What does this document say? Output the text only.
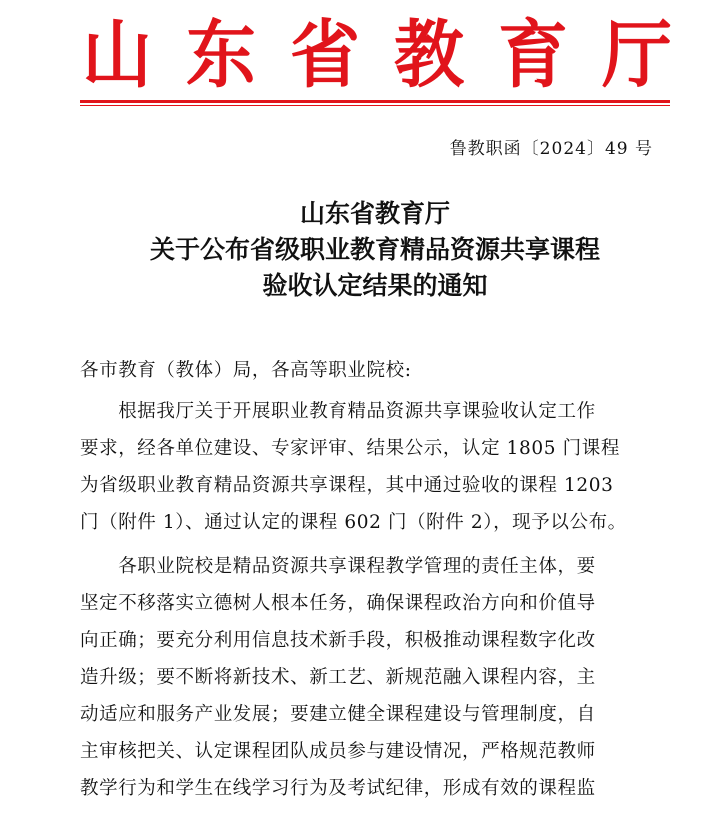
山 东 省 教 育 厅
鲁教职函〔2024〕49 号
山东省教育厅
关于公布省级职业教育精品资源共享课程
验收认定结果的通知
各市教育（教体）局，各高等职业院校:
　　根据我厅关于开展职业教育精品资源共享课验收认定工作
要求，经各单位建设、专家评审、结果公示，认定 1805 门课程
为省级职业教育精品资源共享课程，其中通过验收的课程 1203
门（附件 1）、通过认定的课程 602 门（附件 2），现予以公布。
　　各职业院校是精品资源共享课程教学管理的责任主体，要
坚定不移落实立德树人根本任务，确保课程政治方向和价值导
向正确；要充分利用信息技术新手段，积极推动课程数字化改
造升级；要不断将新技术、新工艺、新规范融入课程内容，主
动适应和服务产业发展；要建立健全课程建设与管理制度，自
主审核把关、认定课程团队成员参与建设情况，严格规范教师
教学行为和学生在线学习行为及考试纪律，形成有效的课程监
